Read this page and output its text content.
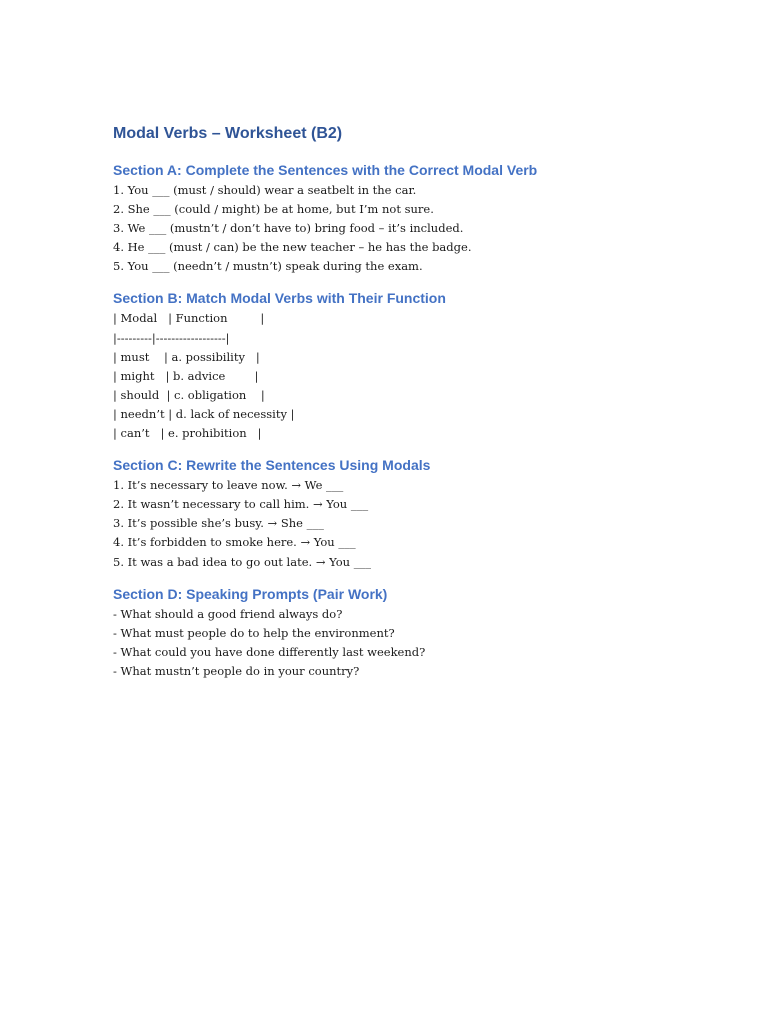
Modal Verbs – Worksheet (B2)
Section A: Complete the Sentences with the Correct Modal Verb

1. You ___ (must / should) wear a seatbelt in the car.

2. She ___ (could / might) be at home, but I’m not sure.

3. We ___ (mustn’t / don’t have to) bring food – it’s included.

4. He ___ (must / can) be the new teacher – he has the badge.

5. You ___ (needn’t / mustn’t) speak during the exam.

Section B: Match Modal Verbs with Their Function

| Modal   | Function         |

|---------|------------------|

| must    | a. possibility   |

| might   | b. advice        |

| should  | c. obligation    |

| needn’t | d. lack of necessity |

| can’t   | e. prohibition   |

Section C: Rewrite the Sentences Using Modals

1. It’s necessary to leave now. → We ___

2. It wasn’t necessary to call him. → You ___

3. It’s possible she’s busy. → She ___

4. It’s forbidden to smoke here. → You ___

5. It was a bad idea to go out late. → You ___

Section D: Speaking Prompts (Pair Work)

- What should a good friend always do?

- What must people do to help the environment?

- What could you have done differently last weekend?

- What mustn’t people do in your country?
